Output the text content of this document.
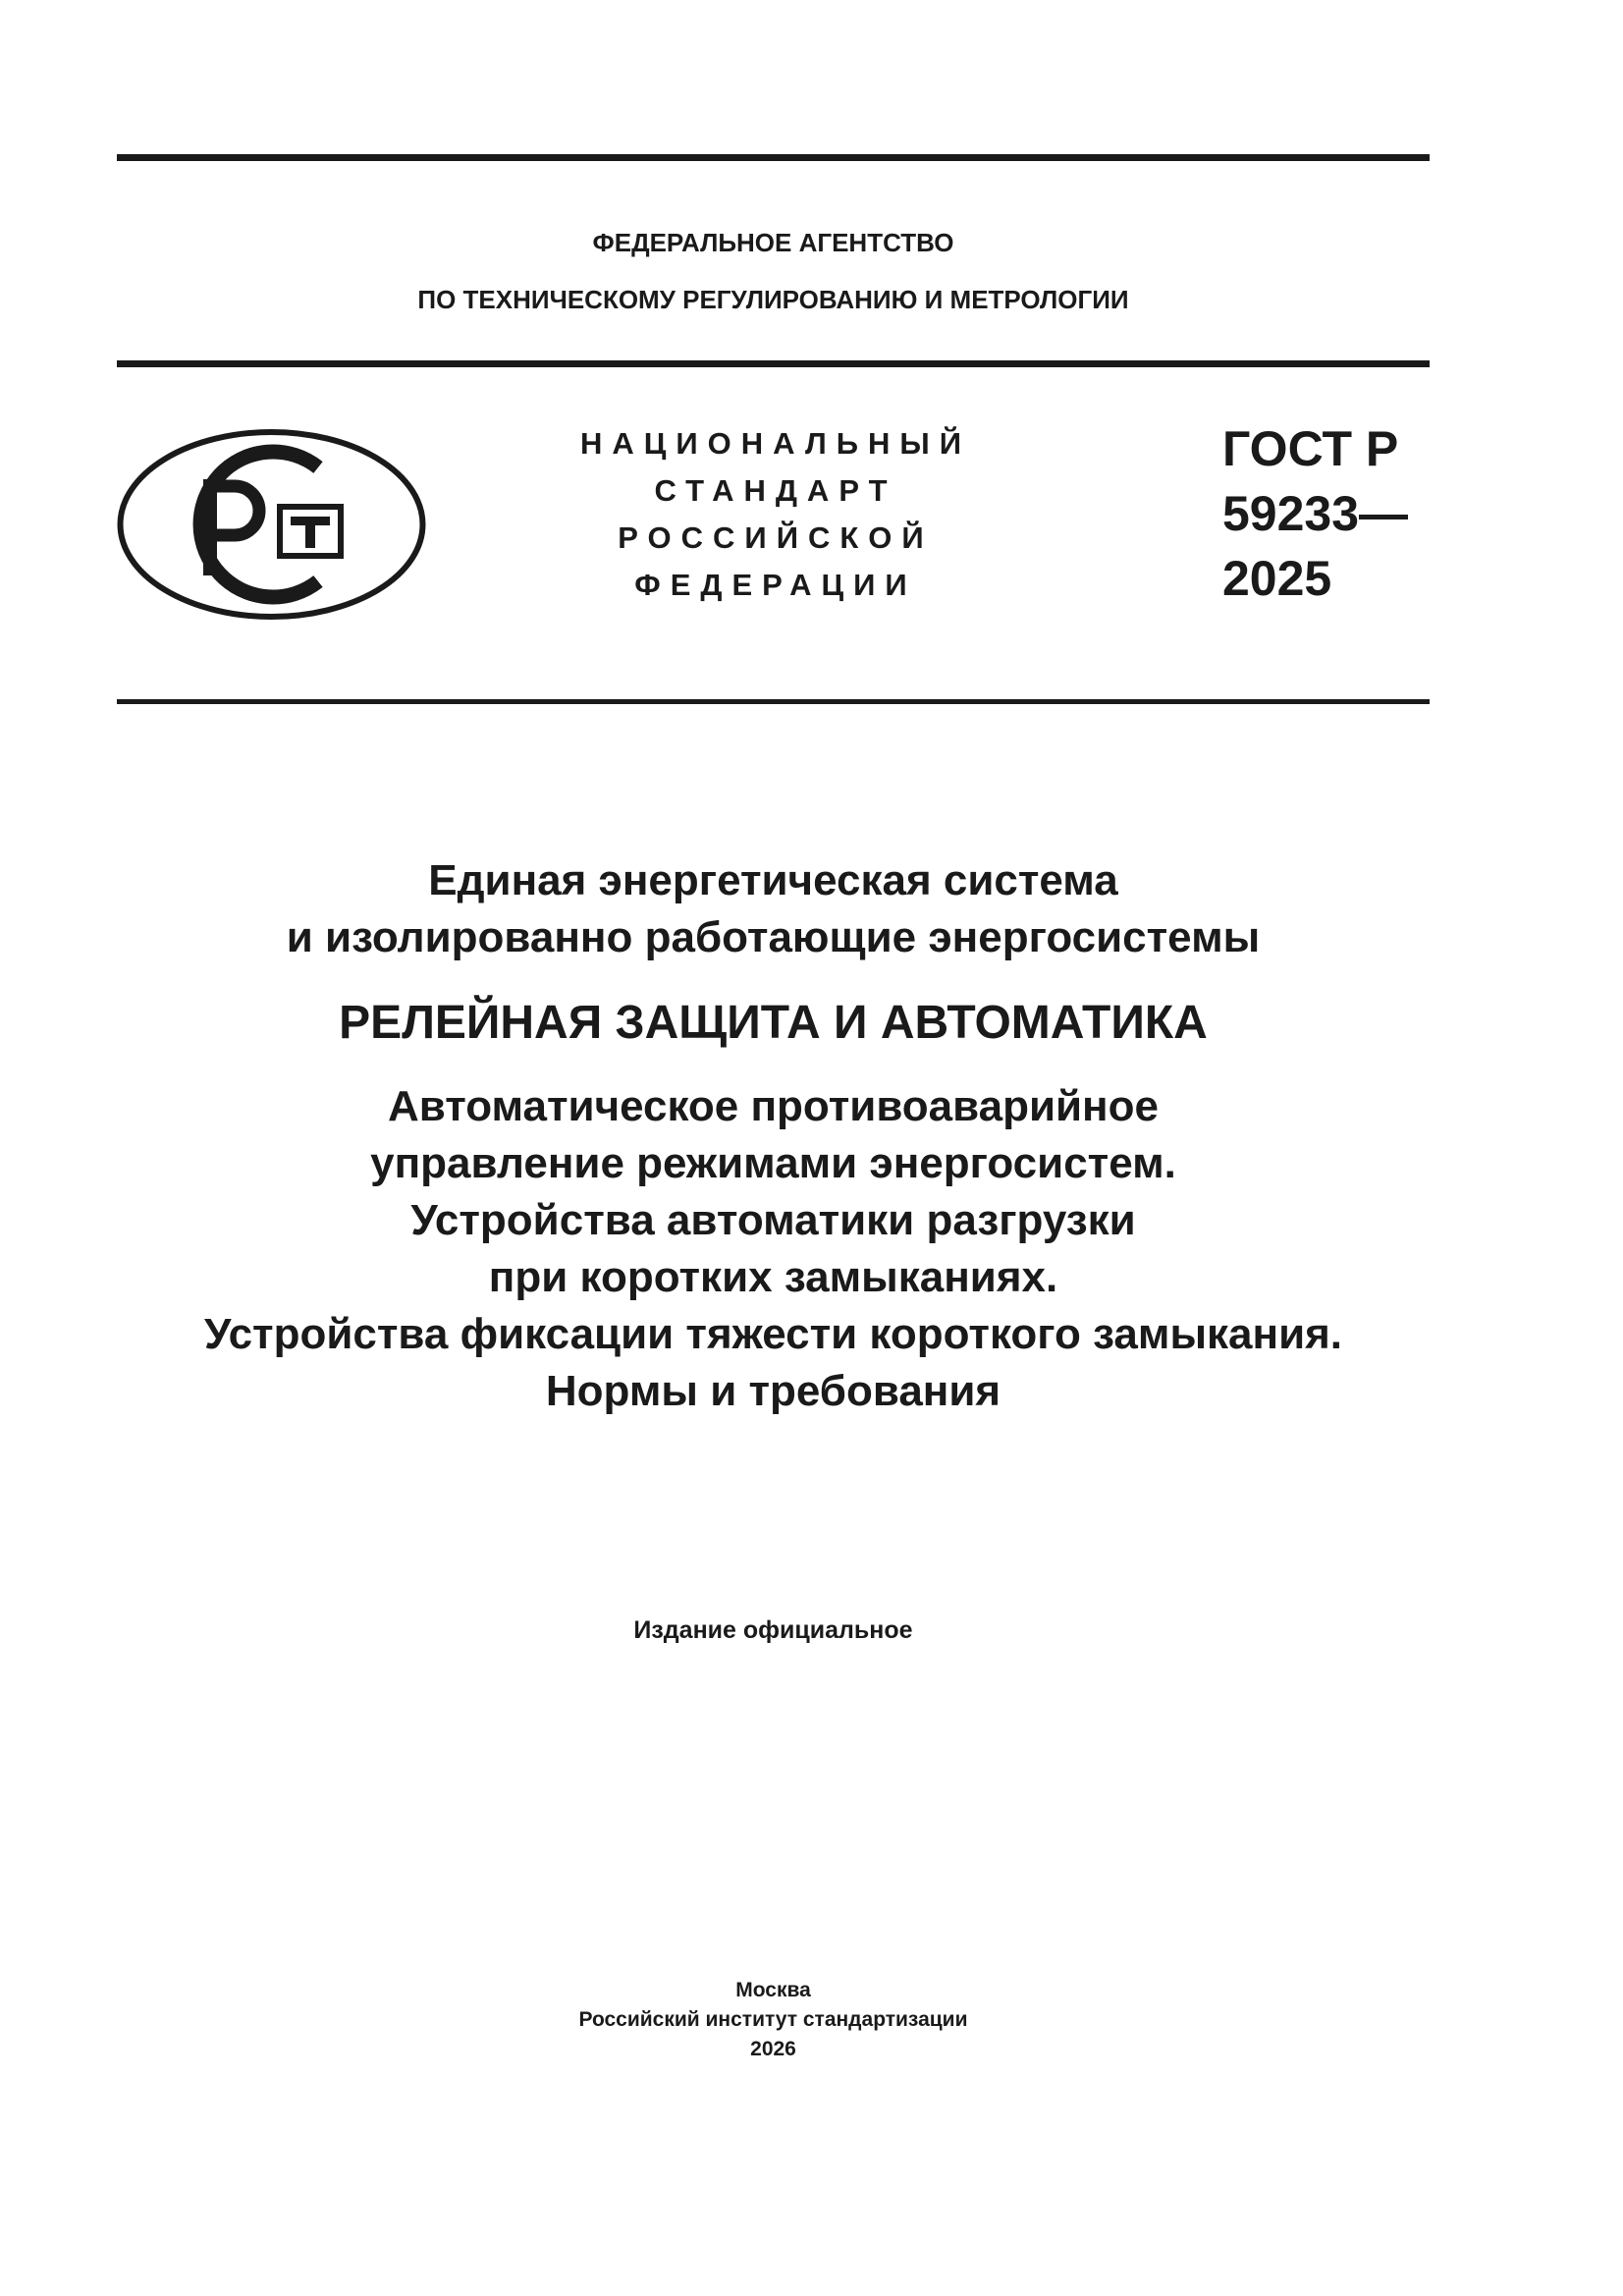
ФЕДЕРАЛЬНОЕ АГЕНТСТВО
ПО ТЕХНИЧЕСКОМУ РЕГУЛИРОВАНИЮ И МЕТРОЛОГИИ
НАЦИОНАЛЬНЫЙ
СТАНДАРТ
РОССИЙСКОЙ
ФЕДЕРАЦИИ
ГОСТ Р
59233—
2025
Единая энергетическая система
и изолированно работающие энергосистемы
РЕЛЕЙНАЯ ЗАЩИТА И АВТОМАТИКА
Автоматическое противоаварийное
управление режимами энергосистем.
Устройства автоматики разгрузки
при коротких замыканиях.
Устройства фиксации тяжести короткого замыкания.
Нормы и требования
Издание официальное
Москва
Российский институт стандартизации
2026
